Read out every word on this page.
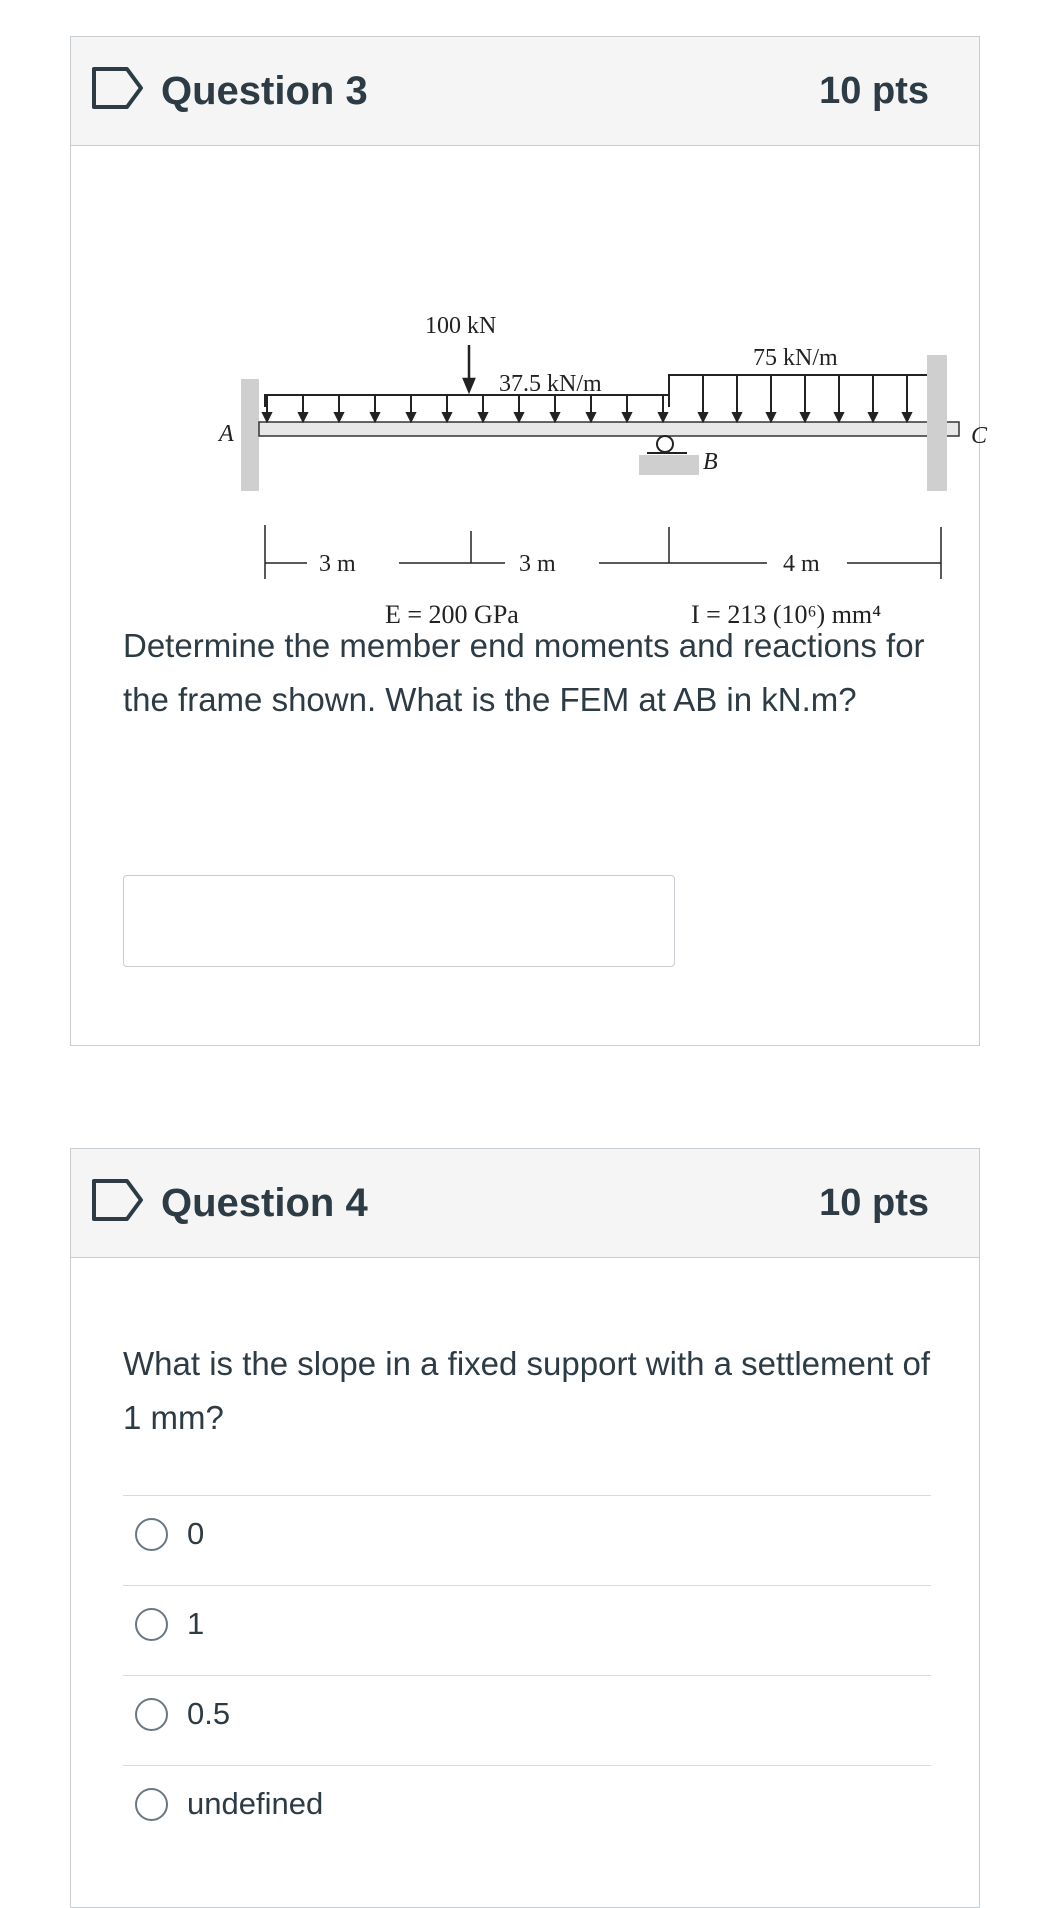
Question 3	10 pts
100 kN
37.5 kN/m
75 kN/m
A
B
C
3 m	3 m	4 m
E = 200 GPa	I = 213 (10⁶) mm⁴
Determine the member end moments and reactions for the frame shown. What is the FEM at AB in kN.m?
Question 4	10 pts
What is the slope in a fixed support with a settlement of 1 mm?
0
1
0.5
undefined
